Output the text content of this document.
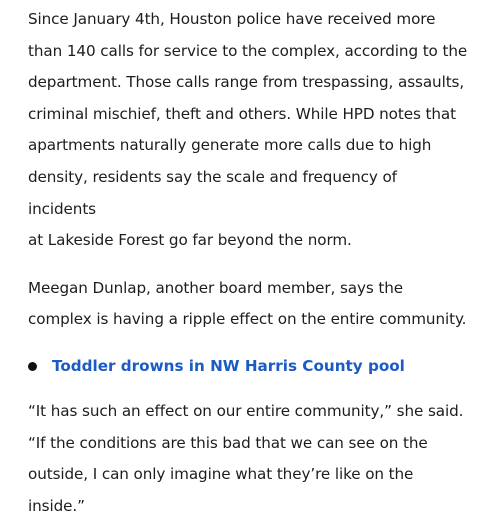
Since January 4th, Houston police have received more
than 140 calls for service to the complex, according to the
department. Those calls range from trespassing, assaults,
criminal mischief, theft and others. While HPD notes that
apartments naturally generate more calls due to high
density, residents say the scale and frequency of incidents
at Lakeside Forest go far beyond the norm.

Meegan Dunlap, another board member, says the
complex is having a ripple effect on the entire community.

Toddler drowns in NW Harris County pool

“It has such an effect on our entire community,” she said.
“If the conditions are this bad that we can see on the
outside, I can only imagine what they’re like on the
inside.”
